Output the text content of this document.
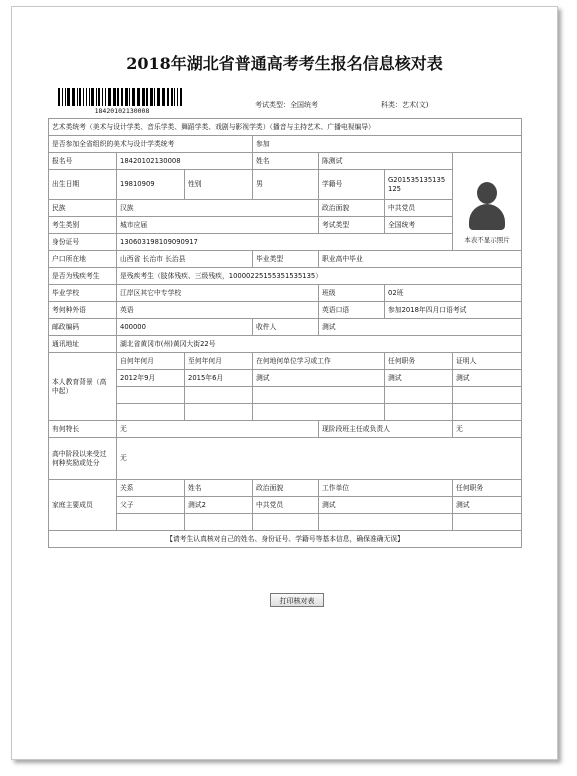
2018年湖北省普通高考考生报名信息核对表
18420102130008
考试类型：全国统考	科类：艺术(文)
艺术类统考（美术与设计学类、音乐学类、舞蹈学类、戏剧与影视学类）（播音与主持艺术、广播电视编导）						
是否参加全省组织的美术与设计学类统考			参加			
报名号	18420102130008		姓名	陈测试		本表不显示照片

出生日期	19810909	性别	男	学籍号	G201535135135125	
民族	汉族			政治面貌	中共党员	
考生类别	城市应届			考试类型	全国统考	
身份证号	130603198109090917					
户口所在地	山西省 长治市 长治县		毕业类型	职业高中毕业		
是否为残疾考生	是残疾考生（肢体残疾、三级残疾，10000225155351535135）					
毕业学校	江岸区其它中专学校			班级	02班	
考何种外语	英语			英语口语	参加2018年四月口语考试	
邮政编码	400000		收件人	测试		
通讯地址	湖北省黄冈市(州)黄冈大街22号					
本人教育背景（高中起）	自何年何月	至何年何月	在何地何单位学习或工作		任何职务	证明人
	2012年9月	2015年6月	测试		测试	测试

有何特长	无			现阶段班主任或负责人		无
高中阶段以来受过何种奖励或处分	无					
家庭主要成员	关系	姓名	政治面貌	工作单位		任何职务
	父子	测试2	中共党员	测试		测试

【请考生认真核对自己的姓名、身份证号、学籍号等基本信息，确保准确无误】						
打印核对表
